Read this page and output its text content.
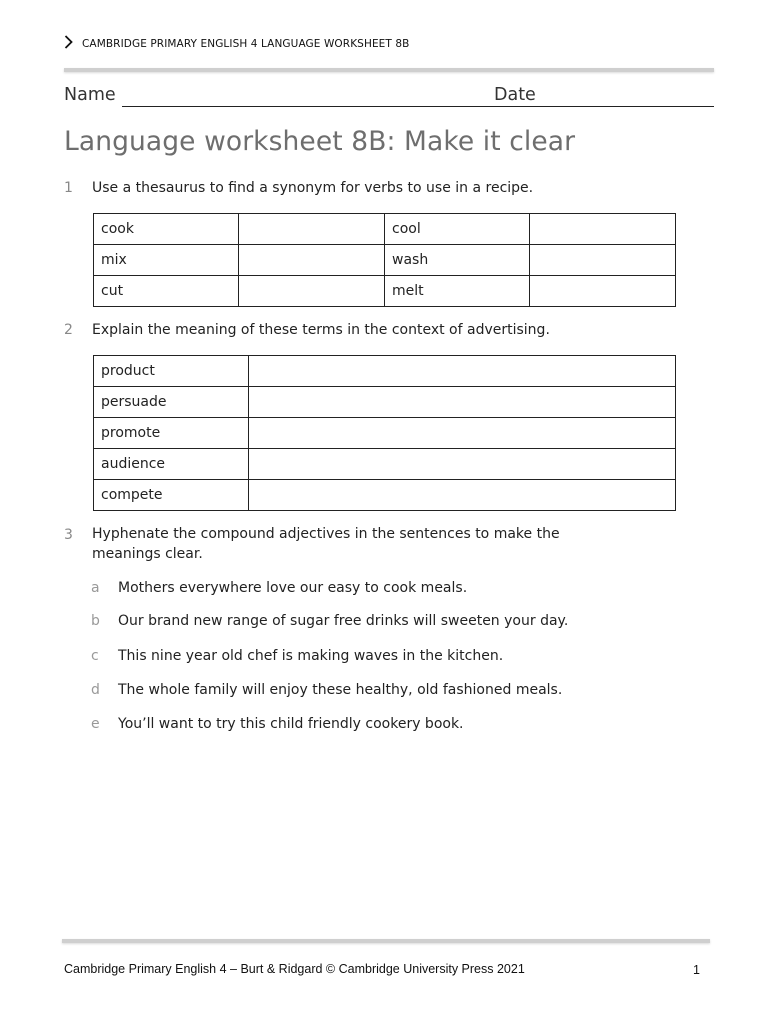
CAMBRIDGE PRIMARY ENGLISH 4 LANGUAGE WORKSHEET 8B
Name	Date
Language worksheet 8B: Make it clear
1 Use a thesaurus to find a synonym for verbs to use in a recipe.
cook		cool	
mix		wash	
cut		melt	
2 Explain the meaning of these terms in the context of advertising.
product	
persuade	
promote	
audience	
compete	
3 Hyphenate the compound adjectives in the sentences to make the
meanings clear.
a Mothers everywhere love our easy to cook meals.
b Our brand new range of sugar free drinks will sweeten your day.
c This nine year old chef is making waves in the kitchen.
d The whole family will enjoy these healthy, old fashioned meals.
e You’ll want to try this child friendly cookery book.
Cambridge Primary English 4 – Burt & Ridgard © Cambridge University Press 2021	1
